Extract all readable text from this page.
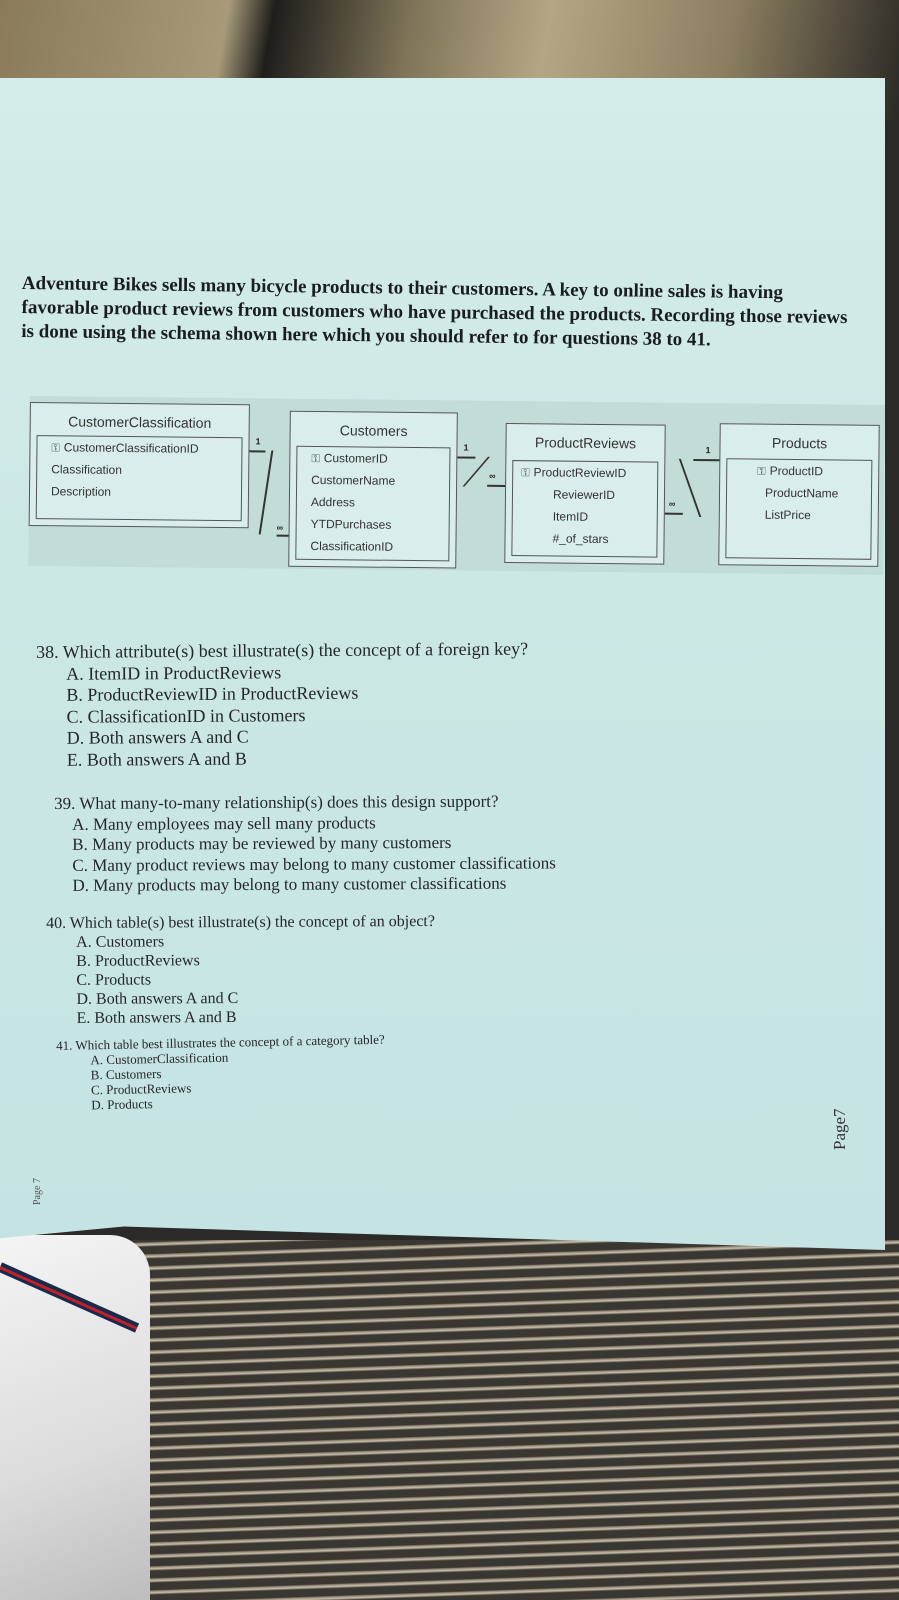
Adventure Bikes sells many bicycle products to their customers. A key to online sales is having favorable product reviews from customers who have purchased the products. Recording those reviews is done using the schema shown here which you should refer to for questions 38 to 41.

CustomerClassification
⚿ CustomerClassificationID
Classification
Description
Customers
⚿ CustomerID
CustomerName
Address
YTDPurchases
ClassificationID
ProductReviews
⚿ ProductReviewID
ReviewerID
ItemID
#_of_stars
Products
⚿ ProductID
ProductName
ListPrice
1
∞
1
∞
1
∞

38. Which attribute(s) best illustrate(s) the concept of a foreign key?

A. ItemID in ProductReviews
B. ProductReviewID in ProductReviews
C. ClassificationID in Customers
D. Both answers A and C
E. Both answers A and B

39. What many-to-many relationship(s) does this design support?

A. Many employees may sell many products
B. Many products may be reviewed by many customers
C. Many product reviews may belong to many customer classifications
D. Many products may belong to many customer classifications

40. Which table(s) best illustrate(s) the concept of an object?

A. Customers
B. ProductReviews
C. Products
D. Both answers A and C
E. Both answers A and B

41. Which table best illustrates the concept of a category table?

A. CustomerClassification
B. Customers
C. ProductReviews
D. Products
Page7
Page 7
